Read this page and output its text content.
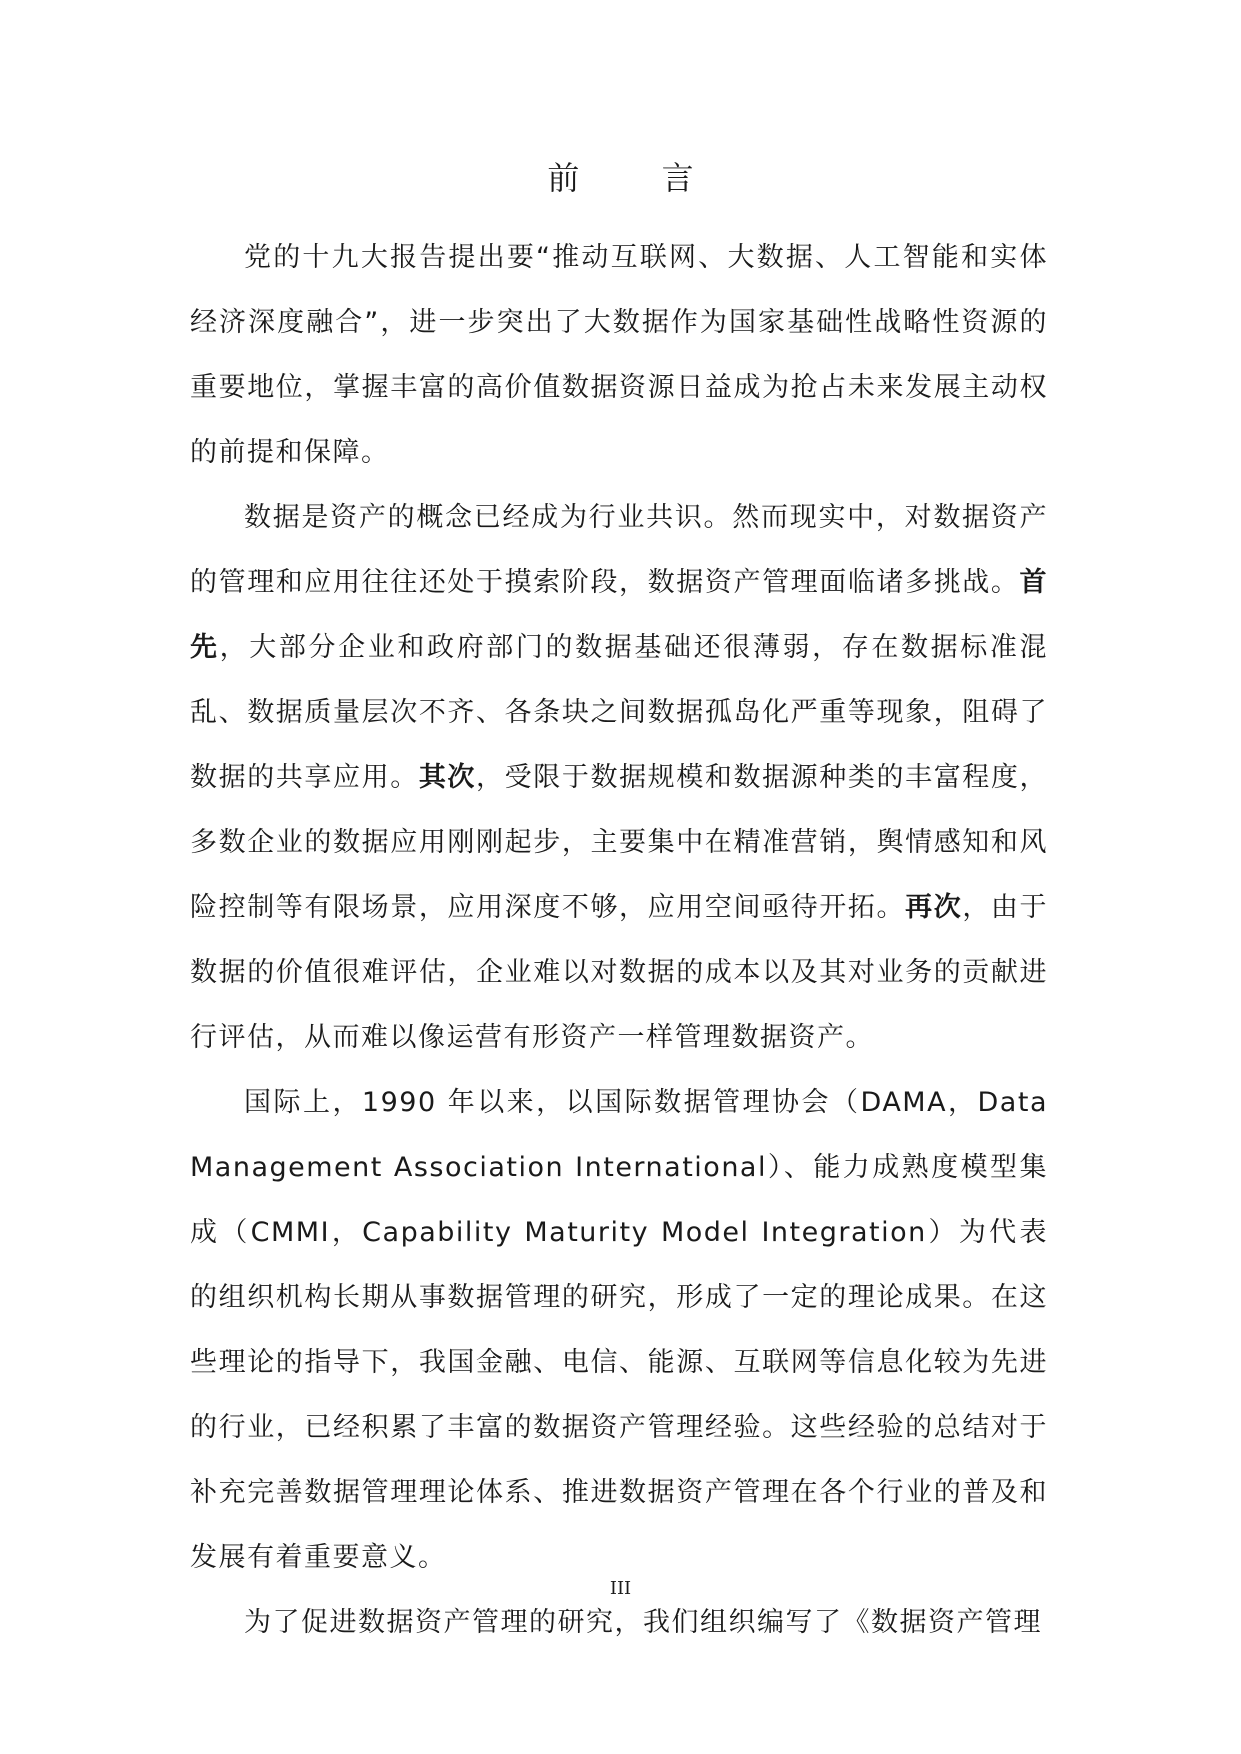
前 言

党的十九大报告提出要“推动互联网、大数据、人工智能和实体经济深度融合”，进一步突出了大数据作为国家基础性战略性资源的重要地位，掌握丰富的高价值数据资源日益成为抢占未来发展主动权的前提和保障。

数据是资产的概念已经成为行业共识。然而现实中，对数据资产的管理和应用往往还处于摸索阶段，数据资产管理面临诸多挑战。首先，大部分企业和政府部门的数据基础还很薄弱，存在数据标准混乱、数据质量层次不齐、各条块之间数据孤岛化严重等现象，阻碍了数据的共享应用。其次，受限于数据规模和数据源种类的丰富程度，多数企业的数据应用刚刚起步，主要集中在精准营销，舆情感知和风险控制等有限场景，应用深度不够，应用空间亟待开拓。再次，由于数据的价值很难评估，企业难以对数据的成本以及其对业务的贡献进行评估，从而难以像运营有形资产一样管理数据资产。

国际上，1990 年以来，以国际数据管理协会（DAMA，Data Management Association International）、能力成熟度模型集成（CMMI，Capability Maturity Model Integration）为代表的组织机构长期从事数据管理的研究，形成了一定的理论成果。在这些理论的指导下，我国金融、电信、能源、互联网等信息化较为先进的行业，已经积累了丰富的数据资产管理经验。这些经验的总结对于补充完善数据管理理论体系、推进数据资产管理在各个行业的普及和发展有着重要意义。

为了促进数据资产管理的研究，我们组织编写了《数据资产管理

III
